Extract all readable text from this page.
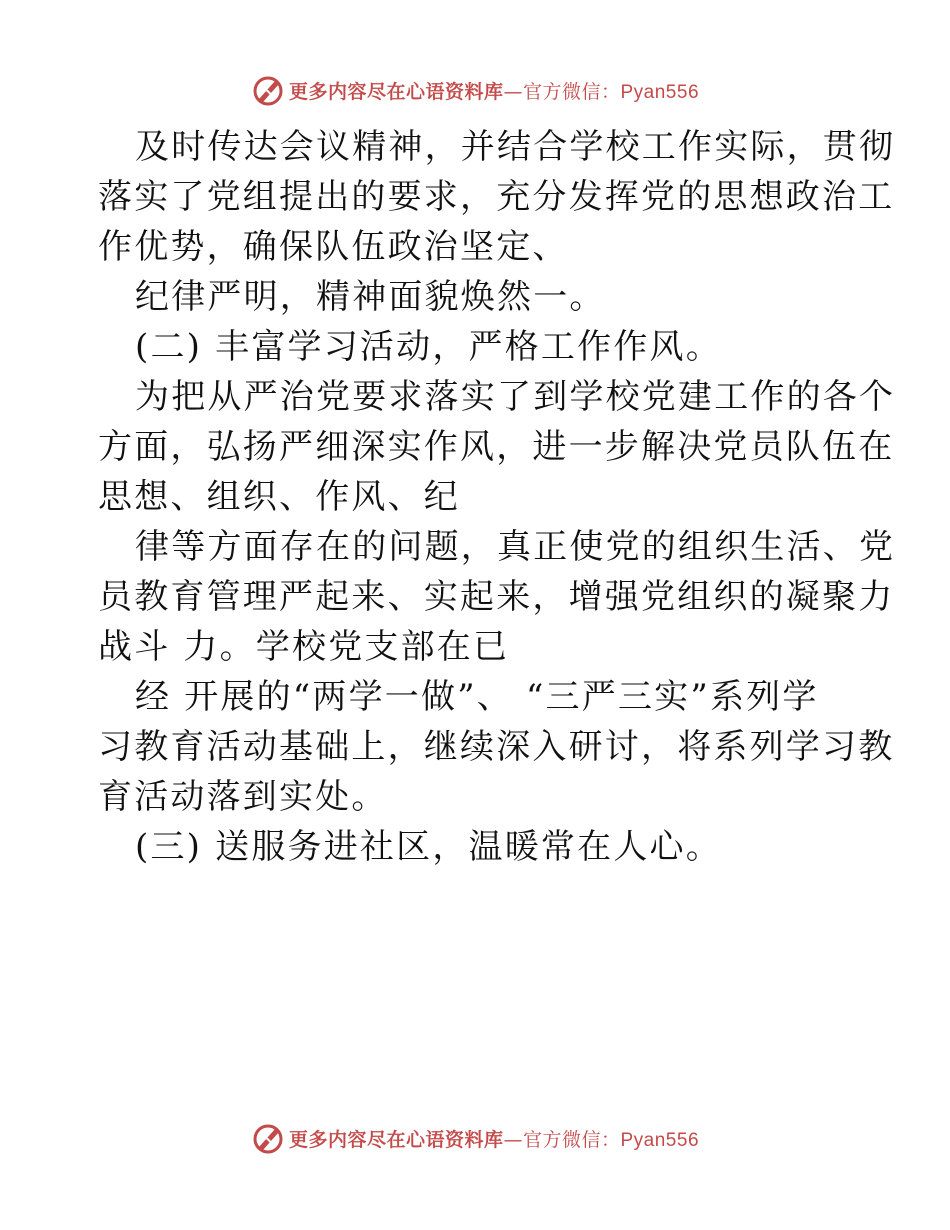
更多内容尽在心语资料库—官方微信：Pyan556
及时传达会议精神，并结合学校工作实际，贯彻
落实了党组提出的要求，充分发挥党的思想政治工
作优势，确保队伍政治坚定、
纪律严明，精神面貌焕然一。
(二) 丰富学习活动，严格工作作风。
为把从严治党要求落实了到学校党建工作的各个
方面，弘扬严细深实作风，进一步解决党员队伍在
思想、组织、作风、纪
律等方面存在的问题，真正使党的组织生活、党
员教育管理严起来、实起来，增强党组织的凝聚力
战斗 力。学校党支部在已
经 开展的“两学一做”、 “三严三实”系列学
习教育活动基础上，继续深入研讨，将系列学习教
育活动落到实处。
(三) 送服务进社区，温暖常在人心。
更多内容尽在心语资料库—官方微信：Pyan556
